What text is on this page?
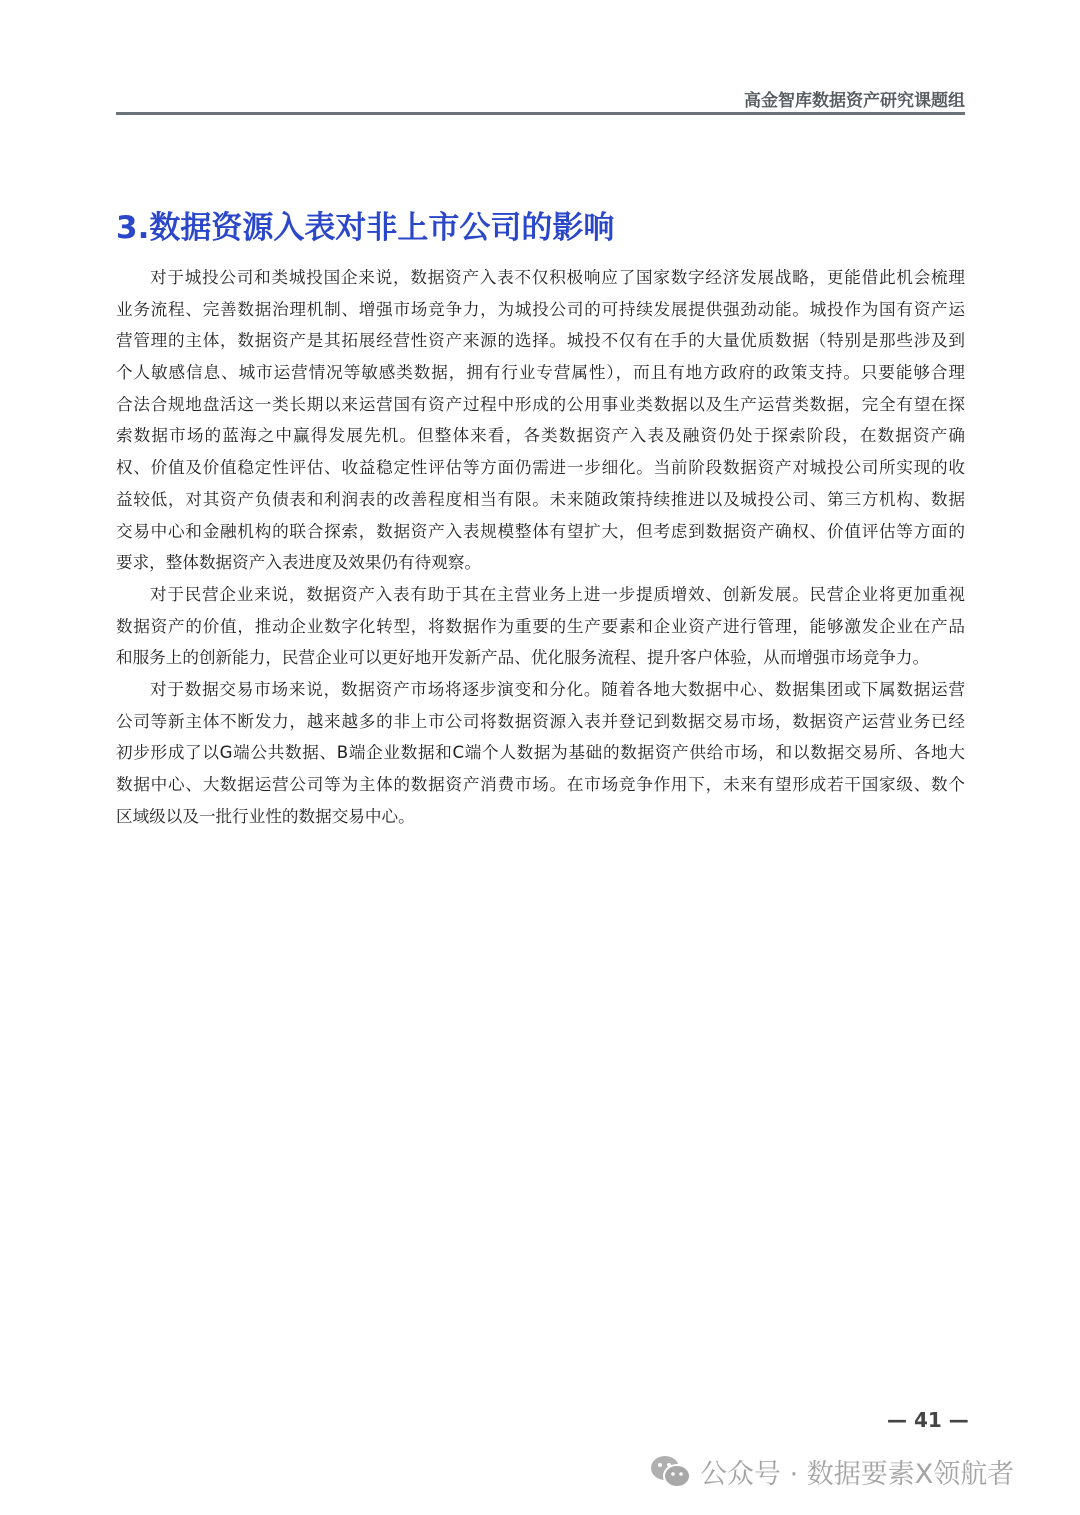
高金智库数据资产研究课题组
3.数据资源入表对非上市公司的影响
对于城投公司和类城投国企来说，数据资产入表不仅积极响应了国家数字经济发展战略，更能借此机会梳理
业务流程、完善数据治理机制、增强市场竞争力，为城投公司的可持续发展提供强劲动能。城投作为国有资产运
营管理的主体，数据资产是其拓展经营性资产来源的选择。城投不仅有在手的大量优质数据（特别是那些涉及到
个人敏感信息、城市运营情况等敏感类数据，拥有行业专营属性），而且有地方政府的政策支持。只要能够合理
合法合规地盘活这一类长期以来运营国有资产过程中形成的公用事业类数据以及生产运营类数据，完全有望在探
索数据市场的蓝海之中赢得发展先机。但整体来看，各类数据资产入表及融资仍处于探索阶段，在数据资产确
权、价值及价值稳定性评估、收益稳定性评估等方面仍需进一步细化。当前阶段数据资产对城投公司所实现的收
益较低，对其资产负债表和利润表的改善程度相当有限。未来随政策持续推进以及城投公司、第三方机构、数据
交易中心和金融机构的联合探索，数据资产入表规模整体有望扩大，但考虑到数据资产确权、价值评估等方面的
要求，整体数据资产入表进度及效果仍有待观察。
对于民营企业来说，数据资产入表有助于其在主营业务上进一步提质增效、创新发展。民营企业将更加重视
数据资产的价值，推动企业数字化转型，将数据作为重要的生产要素和企业资产进行管理，能够激发企业在产品
和服务上的创新能力，民营企业可以更好地开发新产品、优化服务流程、提升客户体验，从而增强市场竞争力。
对于数据交易市场来说，数据资产市场将逐步演变和分化。随着各地大数据中心、数据集团或下属数据运营
公司等新主体不断发力，越来越多的非上市公司将数据资源入表并登记到数据交易市场，数据资产运营业务已经
初步形成了以G端公共数据、B端企业数据和C端个人数据为基础的数据资产供给市场，和以数据交易所、各地大
数据中心、大数据运营公司等为主体的数据资产消费市场。在市场竞争作用下，未来有望形成若干国家级、数个
区域级以及一批行业性的数据交易中心。
— 41 —
公众号 · 数据要素X领航者
